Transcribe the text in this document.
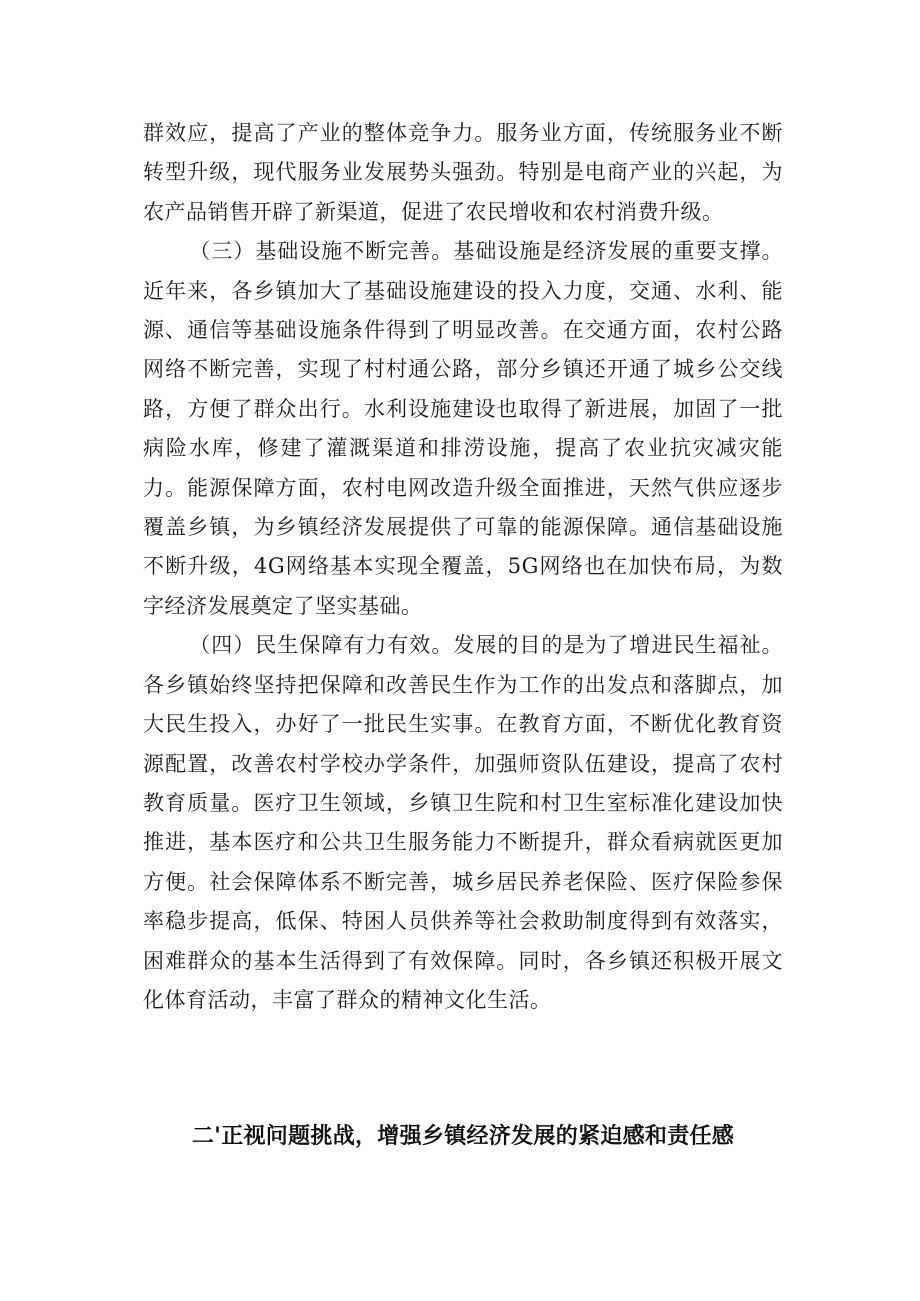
群效应，提高了产业的整体竞争力。服务业方面，传统服务业不断转型升级，现代服务业发展势头强劲。特别是电商产业的兴起，为农产品销售开辟了新渠道，促进了农民增收和农村消费升级。

（三）基础设施不断完善。基础设施是经济发展的重要支撑。近年来，各乡镇加大了基础设施建设的投入力度，交通、水利、能源、通信等基础设施条件得到了明显改善。在交通方面，农村公路网络不断完善，实现了村村通公路，部分乡镇还开通了城乡公交线路，方便了群众出行。水利设施建设也取得了新进展，加固了一批病险水库，修建了灌溉渠道和排涝设施，提高了农业抗灾减灾能力。能源保障方面，农村电网改造升级全面推进，天然气供应逐步覆盖乡镇，为乡镇经济发展提供了可靠的能源保障。通信基础设施不断升级，4G网络基本实现全覆盖，5G网络也在加快布局，为数字经济发展奠定了坚实基础。

（四）民生保障有力有效。发展的目的是为了增进民生福祉。各乡镇始终坚持把保障和改善民生作为工作的出发点和落脚点，加大民生投入，办好了一批民生实事。在教育方面，不断优化教育资源配置，改善农村学校办学条件，加强师资队伍建设，提高了农村教育质量。医疗卫生领域，乡镇卫生院和村卫生室标准化建设加快推进，基本医疗和公共卫生服务能力不断提升，群众看病就医更加方便。社会保障体系不断完善，城乡居民养老保险、医疗保险参保率稳步提高，低保、特困人员供养等社会救助制度得到有效落实，困难群众的基本生活得到了有效保障。同时，各乡镇还积极开展文化体育活动，丰富了群众的精神文化生活。

二'正视问题挑战，增强乡镇经济发展的紧迫感和责任感
